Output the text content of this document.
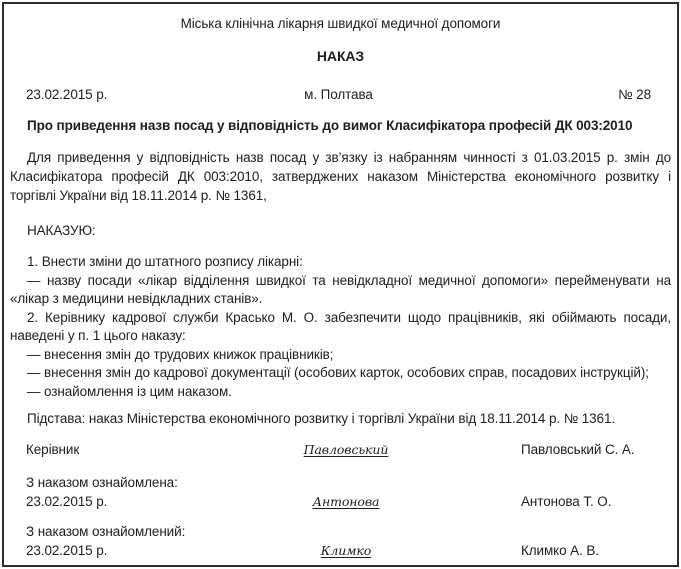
Міська клінічна лікарня швидкої медичної допомоги

НАКАЗ

23.02.2015 р.	м. Полтава	№ 28

Про приведення назв посад у відповідність до вимог Класифікатора професій ДК 003:2010

Для приведення у відповідність назв посад у зв’язку із набранням чинності з 01.03.2015 р. змін до Класифікатора професій ДК 003:2010, затверджених наказом Міністерства економічного розвитку і торгівлі України від 18.11.2014 р. № 1361,

НАКАЗУЮ:

1. Внести зміни до штатного розпису лікарні:

— назву посади «лікар відділення швидкої та невідкладної медичної допомоги» перейменувати на «лікар з медицини невідкладних станів».

2. Керівнику кадрової служби Красько М. О. забезпечити щодо працівників, які обіймають посади, наведені у п. 1 цього наказу:

— внесення змін до трудових книжок працівників;

— внесення змін до кадрової документації (особових карток, особових справ, посадових інструкцій);

— ознайомлення із цим наказом.

Підстава: наказ Міністерства економічного розвитку і торгівлі України від 18.11.2014 р. № 1361.

Керівник	Павловський	Павловський С. А.

З наказом ознайомлена:

23.02.2015 р.	Антонова	Антонова Т. О.

З наказом ознайомлений:

23.02.2015 р.	Климко	Климко А. В.
